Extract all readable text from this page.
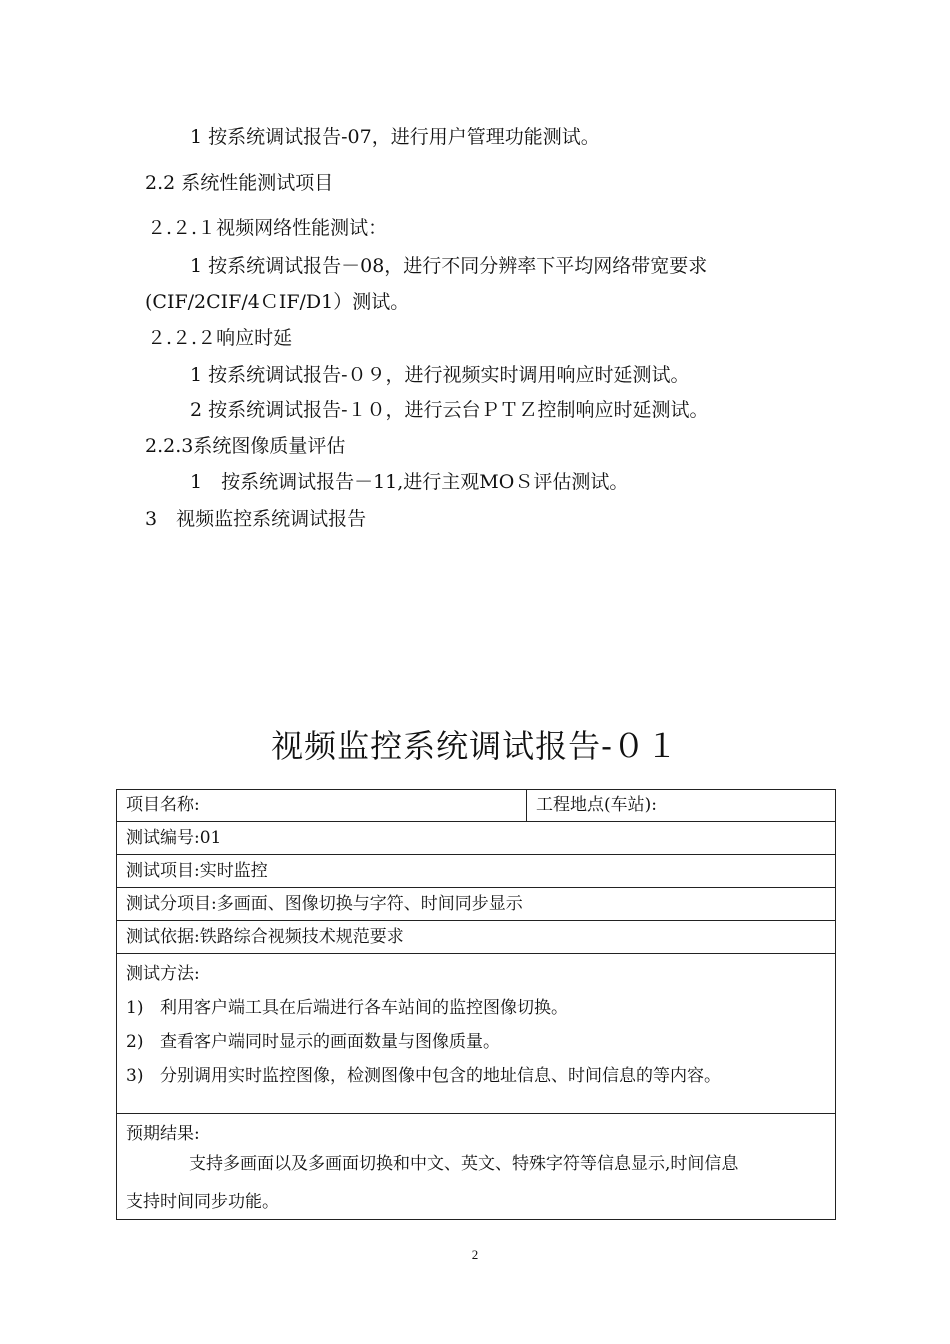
1 按系统调试报告-07，进行用户管理功能测试。
2.2 系统性能测试项目
２.２.１视频网络性能测试：
1 按系统调试报告－08，进行不同分辨率下平均网络带宽要求
(CIF/2CIF/4ＣIF/D1）测试。
２.２.２响应时延
1 按系统调试报告-０９，进行视频实时调用响应时延测试。
2 按系统调试报告-１０，进行云台ＰＴＺ控制响应时延测试。
2.2.3系统图像质量评估
1　按系统调试报告－11,进行主观MOＳ评估测试。
3　视频监控系统调试报告
视频监控系统调试报告-０１
项目名称:	工程地点(车站):
测试编号:01
测试项目:实时监控
测试分项目:多画面、图像切换与字符、时间同步显示
测试依据:铁路综合视频技术规范要求

测试方法:
1) 利用客户端工具在后端进行各车站间的监控图像切换。
2) 查看客户端同时显示的画面数量与图像质量。
3) 分别调用实时监控图像，检测图像中包含的地址信息、时间信息的等内容。

预期结果:
支持多画面以及多画面切换和中文、英文、特殊字符等信息显示,时间信息
支持时间同步功能。
2
